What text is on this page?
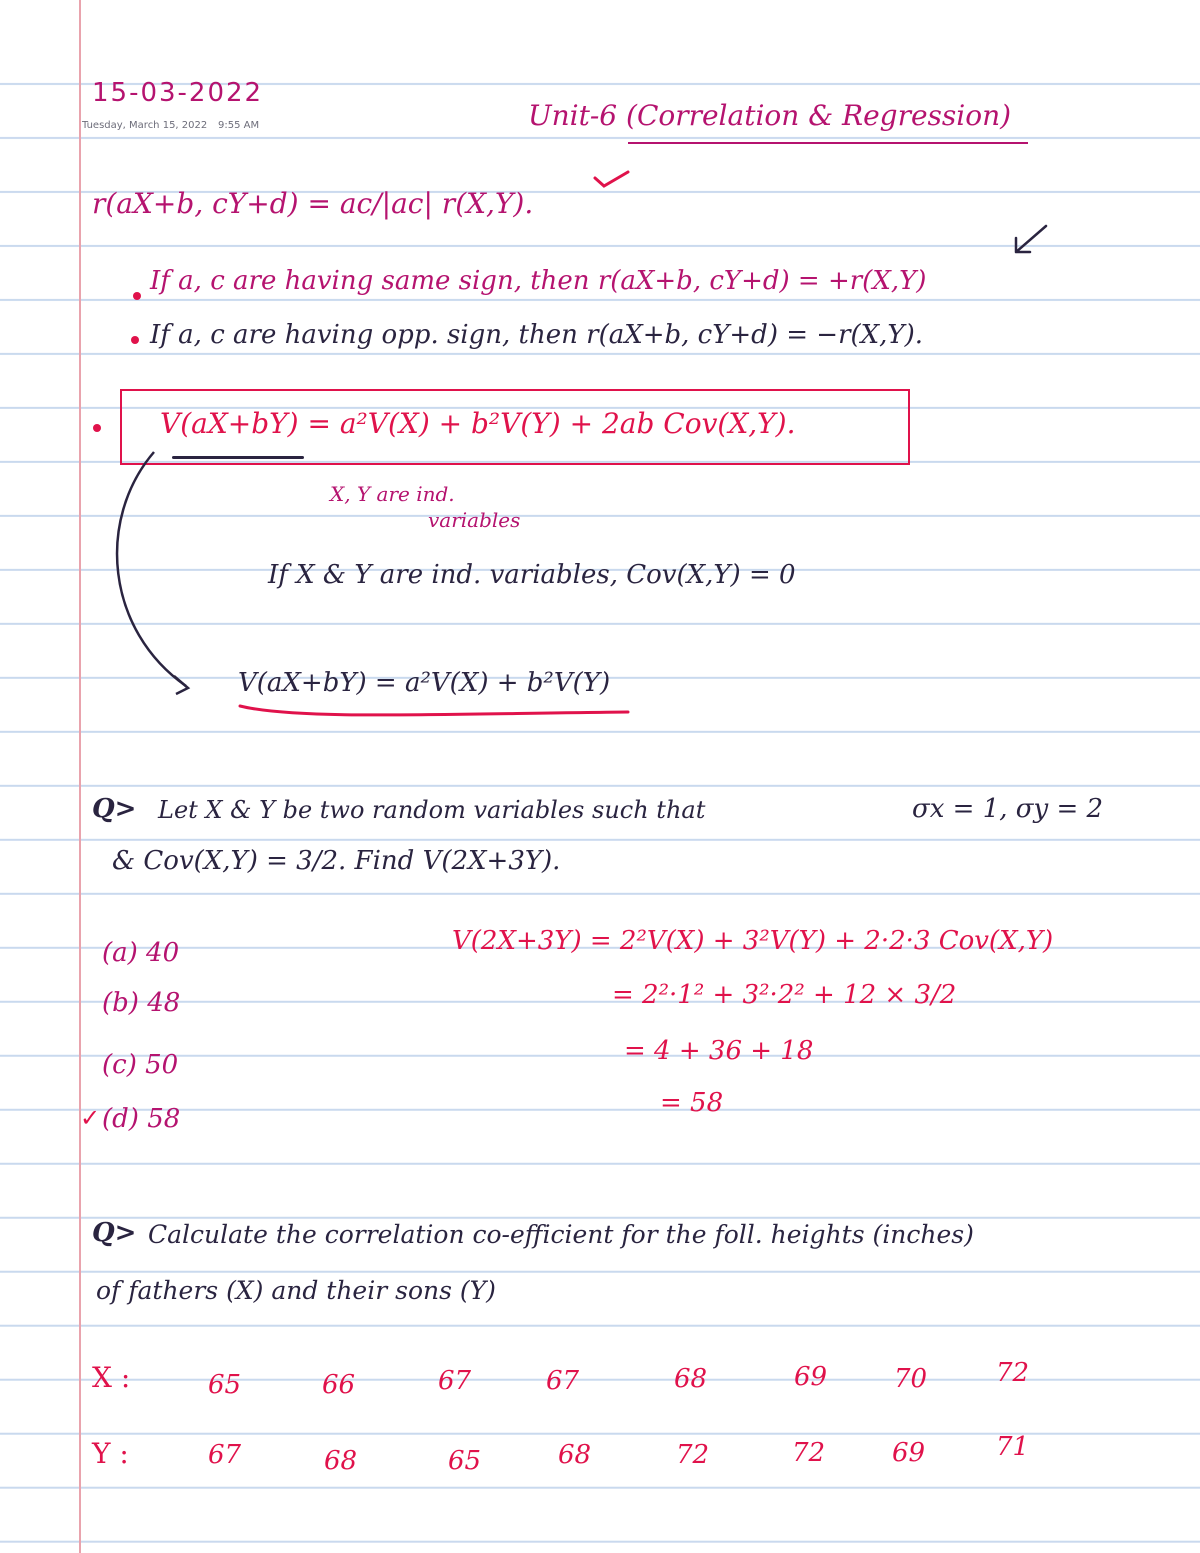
15-03-2022
Tuesday, March 15, 2022 9:55 AM	Unit-6 (Correlation & Regression)
r(aX+b, cY+d) = ac/|ac| r(X,Y).
If a, c are having same sign, then r(aX+b, cY+d) = +r(X,Y)
If a, c are having opp. sign, then r(aX+b, cY+d) = −r(X,Y).
V(aX+bY) = a²V(X) + b²V(Y) + 2ab Cov(X,Y).
X, Y are ind.
variables
If X & Y are ind. variables, Cov(X,Y) = 0
V(aX+bY) = a²V(X) + b²V(Y)
Q> Let X & Y be two random variables such that	σx = 1, σy = 2
& Cov(X,Y) = 3/2. Find V(2X+3Y).
(a) 40
(b) 48
(c) 50
(d) 58
✓
V(2X+3Y) = 2²V(X) + 3²V(Y) + 2·2·3 Cov(X,Y)
= 2²·1² + 3²·2² + 12 × 3/2
= 4 + 36 + 18
= 58
Q> Calculate the correlation co-efficient for the foll. heights (inches)
of fathers (X) and their sons (Y)
X :	65	66	67	67	68	69	70	72
Y :	67	68	65	68	72	72	69	71
